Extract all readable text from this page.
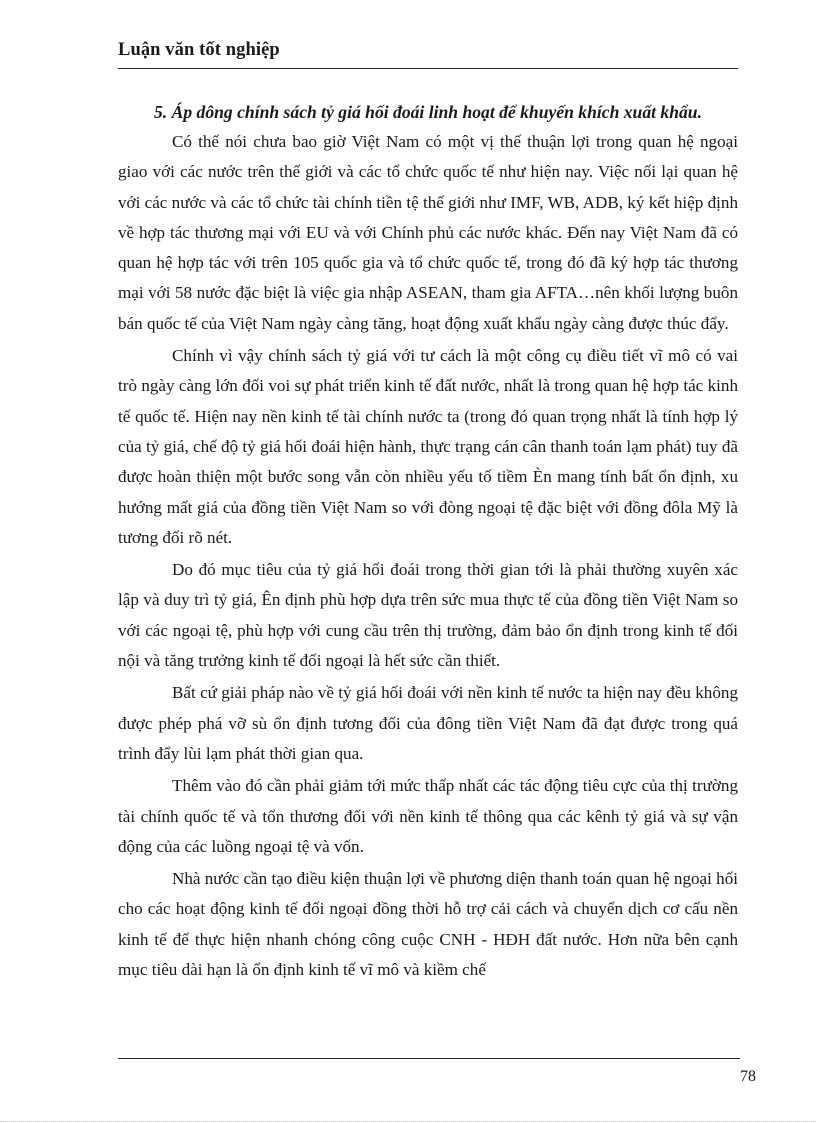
Luận văn tốt nghiệp

5. Áp dông chính sách tỷ giá hối đoái linh hoạt để khuyến khích xuất khẩu.

Có thể nói chưa bao giờ Việt Nam có một vị thế thuận lợi trong quan hệ ngoại giao với các nước trên thế giới và các tổ chức quốc tế như hiện nay. Việc nối lại quan hệ với các nước và các tổ chức tài chính tiền tệ thế giới như IMF, WB, ADB, ký kết hiệp định về hợp tác thương mại với EU và với Chính phủ các nước khác. Đến nay Việt Nam đã có quan hệ hợp tác với trên 105 quốc gia và tổ chức quốc tế, trong đó đã ký hợp tác thương mại với 58 nước đặc biệt là việc gia nhập ASEAN, tham gia AFTA…nên khối lượng buôn bán quốc tế của Việt Nam ngày càng tăng, hoạt động xuất khẩu ngày càng được thúc đẩy.

Chính vì vậy chính sách tỷ giá với tư cách là một công cụ điều tiết vĩ mô có vai trò ngày càng lớn đối voi sự phát triển kinh tế đất nước, nhất là trong quan hệ hợp tác kinh tế quốc tế. Hiện nay nền kinh tế tài chính nước ta (trong đó quan trọng nhất là tính hợp lý của tỷ giá, chế độ tỷ giá hối đoái hiện hành, thực trạng cán cân thanh toán lạm phát) tuy đã được hoàn thiện một bước song vẫn còn nhiều yếu tố tiềm Èn mang tính bất ổn định, xu hướng mất giá của đồng tiền Việt Nam so với đòng ngoại tệ đặc biệt với đồng đôla Mỹ là tương đối rõ nét.

Do đó mục tiêu của tỷ giá hối đoái trong thời gian tới là phải thường xuyên xác lập và duy trì tỷ giá, Ên định phù hợp dựa trên sức mua thực tế của đồng tiền Việt Nam so với các ngoại tệ, phù hợp với cung cầu trên thị trường, đảm bảo ổn định trong kinh tế đối nội và tăng trưởng kinh tế đối ngoại là hết sức cần thiết.

Bất cứ giải pháp nào về tỷ giá hối đoái với nền kinh tế nước ta hiện nay đều không được phép phá vỡ sù ổn định tương đối của đông tiền Việt Nam đã đạt được trong quá trình đẩy lùi lạm phát thời gian qua.

Thêm vào đó cần phải giảm tới mức thấp nhất các tác động tiêu cực của thị trường tài chính quốc tế và tổn thương đối với nền kinh tế thông qua các kênh tỷ giá và sự vận động của các luồng ngoại tệ và vốn.

Nhà nước cần tạo điều kiện thuận lợi về phương diện thanh toán quan hệ ngoại hối cho các hoạt động kinh tế đối ngoại đồng thời hỗ trợ cải cách và chuyển dịch cơ cấu nền kinh tế để thực hiện nhanh chóng công cuộc CNH - HĐH đất nước. Hơn nữa bên cạnh mục tiêu dài hạn là ổn định kinh tế vĩ mô và kiềm chế

78
